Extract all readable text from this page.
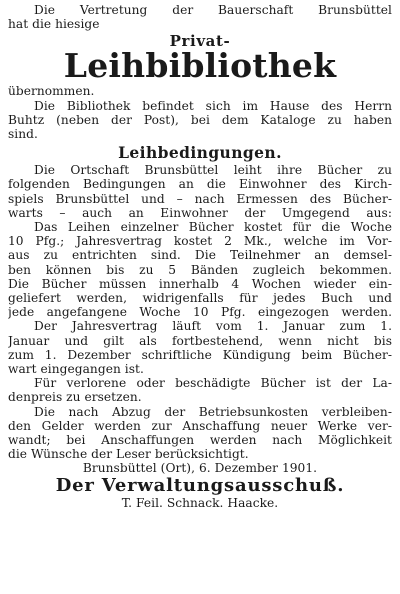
Die Vertretung der Bauerschaft Brunsbüttel
hat die hiesige
Privat-
Leihbibliothek
übernommen.
Die Bibliothek befindet sich im Hause des Herrn
Buhtz (neben der Post), bei dem Kataloge zu haben
sind.
Leihbedingungen.
Die Ortschaft Brunsbüttel leiht ihre Bücher zu
folgenden Bedingungen an die Einwohner des Kirch-
spiels Brunsbüttel und – nach Ermessen des Bücher-
warts – auch an Einwohner der Umgegend aus:
Das Leihen einzelner Bücher kostet für die Woche
10 Pfg.; Jahresvertrag kostet 2 Mk., welche im Vor-
aus zu entrichten sind. Die Teilnehmer an demsel-
ben können bis zu 5 Bänden zugleich bekommen.
Die Bücher müssen innerhalb 4 Wochen wieder ein-
geliefert werden, widrigenfalls für jedes Buch und
jede angefangene Woche 10 Pfg. eingezogen werden.
Der Jahresvertrag läuft vom 1. Januar zum 1.
Januar und gilt als fortbestehend, wenn nicht bis
zum 1. Dezember schriftliche Kündigung beim Bücher-
wart eingegangen ist.
Für verlorene oder beschädigte Bücher ist der La-
denpreis zu ersetzen.
Die nach Abzug der Betriebsunkosten verbleiben-
den Gelder werden zur Anschaffung neuer Werke ver-
wandt; bei Anschaffungen werden nach Möglichkeit
die Wünsche der Leser berücksichtigt.
Brunsbüttel (Ort), 6. Dezember 1901.
Der Verwaltungsausschuß.
T. Feil. Schnack. Haacke.
